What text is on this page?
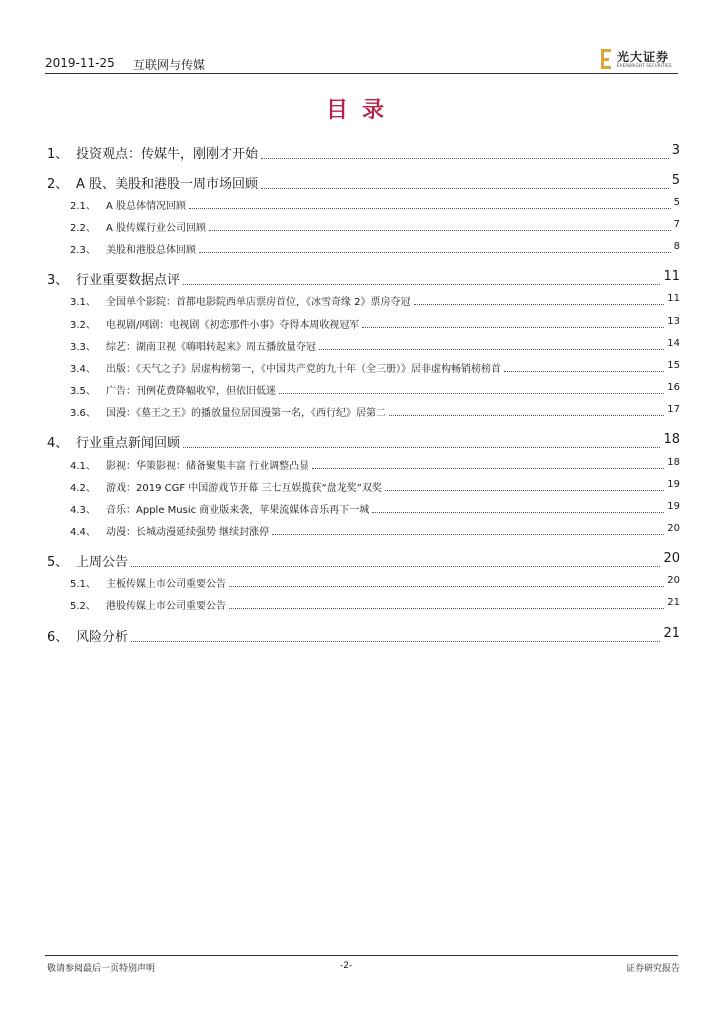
2019-11-25 互联网与传媒
光大证券
EVERBRIGHT SECURITIES
目录
1、 投资观点：传媒牛，刚刚才开始	3
2、 A 股、美股和港股一周市场回顾	5
2.1、 A 股总体情况回顾	5
2.2、 A 股传媒行业公司回顾	7
2.3、 美股和港股总体回顾	8
3、 行业重要数据点评	11
3.1、 全国单个影院：首都电影院西单店票房首位，《冰雪奇缘 2》票房夺冠	11
3.2、 电视剧/网剧：电视剧《初恋那件小事》夺得本周收视冠军	13
3.3、 综艺：湖南卫视《嗨唱转起来》周五播放量夺冠	14
3.4、 出版：《天气之子》居虚构榜第一，《中国共产党的九十年（全三册）》居非虚构畅销榜榜首	15
3.5、 广告：刊例花费降幅收窄，但依旧低迷	16
3.6、 国漫：《墓王之王》的播放量位居国漫第一名，《西行纪》居第二	17
4、 行业重点新闻回顾	18
4.1、 影视：华策影视：储备聚集丰富 行业调整凸显	18
4.2、 游戏：2019 CGF 中国游戏节开幕 三七互娱揽获“盘龙奖”双奖	19
4.3、 音乐：Apple Music 商业版来袭，苹果流媒体音乐再下一城	19
4.4、 动漫：长城动漫延续强势 继续封涨停	20
5、 上周公告	20
5.1、 主板传媒上市公司重要公告	20
5.2、 港股传媒上市公司重要公告	21
6、 风险分析	21
敬请参阅最后一页特别声明	-2-	证券研究报告
